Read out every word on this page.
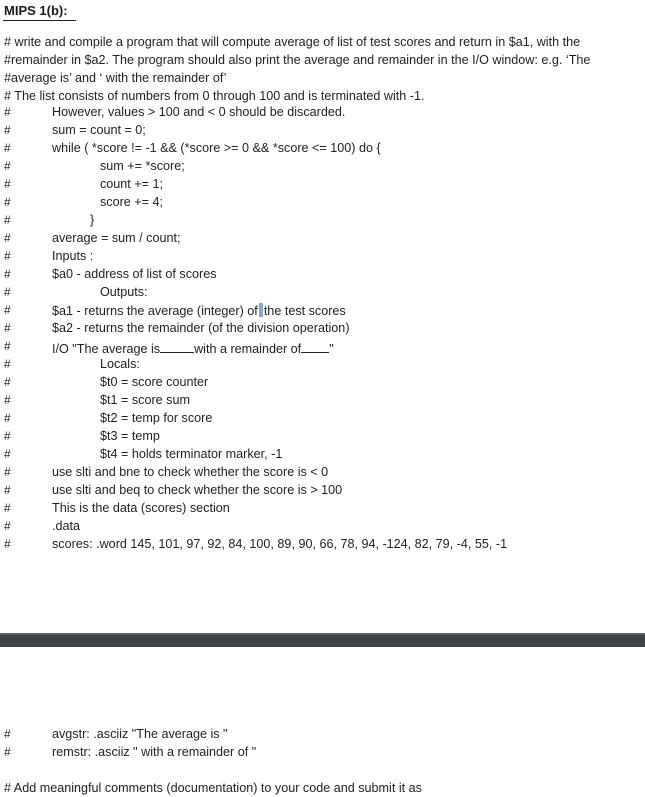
MIPS 1(b):
# write and compile a program that will compute average of list of test scores and return in $a1, with the
#remainder in $a2. The program should also print the average and remainder in the I/O window: e.g. ‘The
#average is’ and ‘ with the remainder of’
# The list consists of numbers from 0 through 100 and is terminated with -1.
#
#
#
#
#
#
#
#
#
#
#
#
#
#
#
#
#
#
#
#
#
#
#
#
#
However, values > 100 and < 0 should be discarded.
sum = count = 0;
while ( *score != -1 && (*score >= 0 && *score <= 100) do {
sum += *score;
count += 1;
score += 4;
}
average = sum / count;
Inputs :
$a0 - address of list of scores
Outputs:
$a1 - returns the average (integer) of the test scores
$a2 - returns the remainder (of the division operation)
I/O "The average is	with a remainder of "
Locals:
$t0 = score counter
$t1 = score sum
$t2 = temp for score
$t3 = temp
$t4 = holds terminator marker, -1
use slti and bne to check whether the score is < 0
use slti and beq to check whether the score is > 100
This is the data (scores) section
.data
scores: .word 145, 101, 97, 92, 84, 100, 89, 90, 66, 78, 94, -124, 82, 79, -4, 55, -1
#
#
avgstr: .asciiz "The average is "
remstr: .asciiz " with a remainder of "
# Add meaningful comments (documentation) to your code and submit it as
